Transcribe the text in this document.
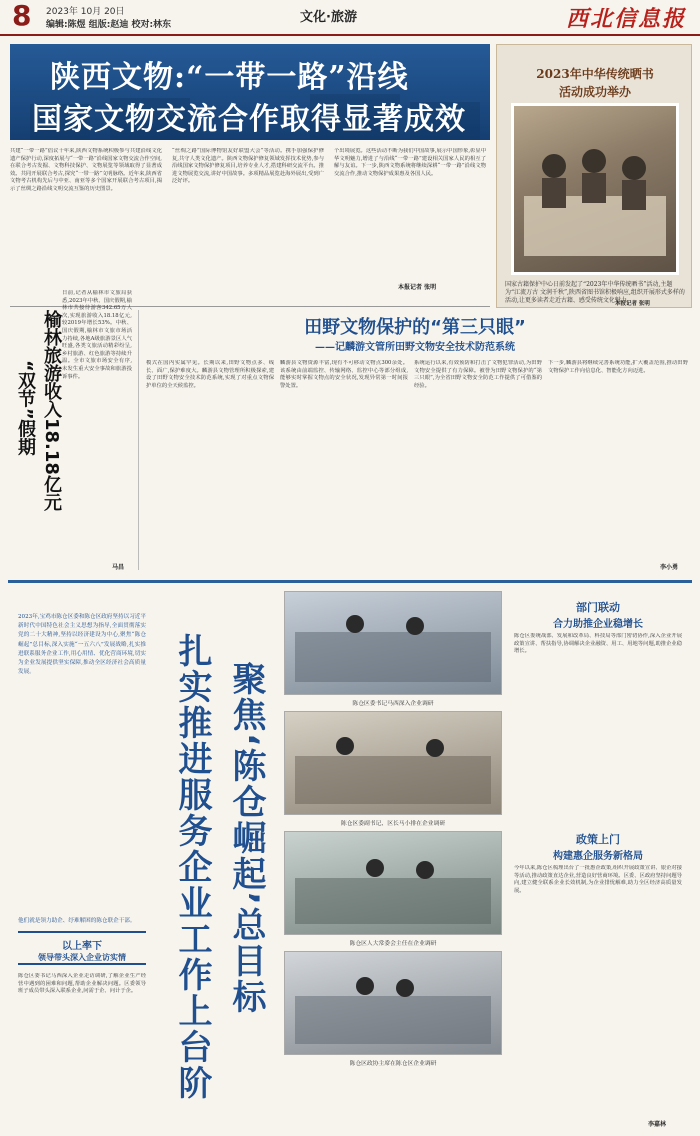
8 2023年 10月 20日
编辑:陈煜 组版:赵迪 校对:林东	文化·旅游	西北信息报
陕西文物:“一带一路”沿线
国家文物交流合作取得显著成效
共建“一带一路”倡议十年来,陕西文物系统积极参与共建沿线文化遗产保护行动,深度拓展与“一带一路”沿线国家文物交流合作空间,在联合考古发掘、文物科技保护、文物展览等领域取得了显著成效。共同开展联合考古,探究“一带一路”文明脉络。近年来,陕西省文物考古机构先后与中亚、南亚等多个国家开展联合考古项目,揭示了丝绸之路沿线文明交流互鉴的历史图景。
“丝绸之路”国际博物馆友好联盟大会”等活动。携手加强保护修复,共守人类文化遗产。陕西文物保护修复领域发挥技术优势,参与沿线国家文物保护修复项目,培养专业人才,搭建科研交流平台。推进文物展览交流,讲好中国故事。多项精品展览赴海外展出,受到广泛好评。
个出境展览。这些活动不断为我们中国故事,展示中国形象,彰显中华文明魅力,增进了与沿线“一带一路”建设相关国家人民的相互了解与友谊。下一步,陕西文物系统将继续深耕“一带一路”沿线文物交流合作,推动文物保护成果惠及各国人民。
本报记者 张明
2023年中华传统晒书
活动成功举办
国家古籍保护中心日前发起了“2023年中华传统晒书”活动,主题为“江流万古 文润千秋”,陕西省图书馆积极响应,组织开展形式多样的活动,让更多读者走近古籍、感受传统文化魅力。
本报记者 张明
榆林旅游收入18.18亿元
“双节”假期
日前,记者从榆林市文旅局获悉,2023年中秋、国庆假期,榆林市共接待游客342.65万人次,实现旅游收入18.18亿元,较2019年增长53%。中秋、国庆假期,榆林市文旅市场活力持续,各地A级旅游景区人气旺盛,各类文旅活动精彩纷呈,乡村旅游、红色旅游等持续升温。全市文旅市场安全有序,未发生重大安全事故和旅游投诉事件。
马昌
田野文物保护的“第三只眼”
——记麟游文管所田野文物安全技术防范系统
模式在国内实属罕见。长期以来,田野文物点多、线长、面广,保护难度大。麟游县文物管理所积极探索,建设了田野文物安全技术防范系统,实现了对重点文物保护单位的全天候监控。
麟游县文物资源丰富,现有不可移动文物点300余处。该系统由前端监控、传输网络、监控中心等部分组成,能够实时掌握文物点的安全状况,发现异常第一时间报警处置。
系统运行以来,有效预防和打击了文物犯罪活动,为田野文物安全提供了有力保障。被誉为田野文物保护的“第三只眼”,为全省田野文物安全防范工作提供了可借鉴的经验。
下一步,麟游县将继续完善系统功能,扩大覆盖范围,推动田野文物保护工作向信息化、智能化方向迈进。
李小勇
2023年,宝鸡市陈仓区委和陈仓区政府坚持以习近平新时代中国特色社会主义思想为指导,全面贯彻落实党的二十大精神,坚持以经济建设为中心,聚焦“陈仓崛起”总目标,深入实施“一五六八”发展战略,扎实推进联系服务企业工作,用心用情、优化营商环境,切实为企业发展提供坚实保障,推动全区经济社会高质量发展。
他们就是领力助企、纾难解困的陈仓联企干部。
以上率下
领导带头深入企业访实情
陈仓区委书记马西深入企业走访调研,了解企业生产经营中遇到的困难和问题,帮助企业解决问题。区委领导班子成员带头深入联系企业,问需于企、问计于企。 扎实推进服务企业工作上台阶 聚焦‘陈仓崛起’总目标	陈仓区委书记马西深入企业调研
陈仓区委副书记、区长马小排在企业调研
陈仓区人大常委会主任在企业调研
陈仓区政协主席在陈仓区企业调研
部门联动
合力助推企业稳增长
陈仓区委统战部、发展和改革局、科技局等部门密切协作,深入企业开展政策宣讲、帮扶指导,协调解决企业融资、用工、用地等问题,助推企业稳增长。
政策上门
构建惠企服务新格局
今年以来,陈仓区梳理出台了一批惠企政策,组织开展政策宣讲、银企对接等活动,推动政策直达企业,营造良好营商环境。区委、区政府坚持问题导向,建立健全联系企业长效机制,为企业排忧解难,助力全区经济高质量发展。
李嘉林
